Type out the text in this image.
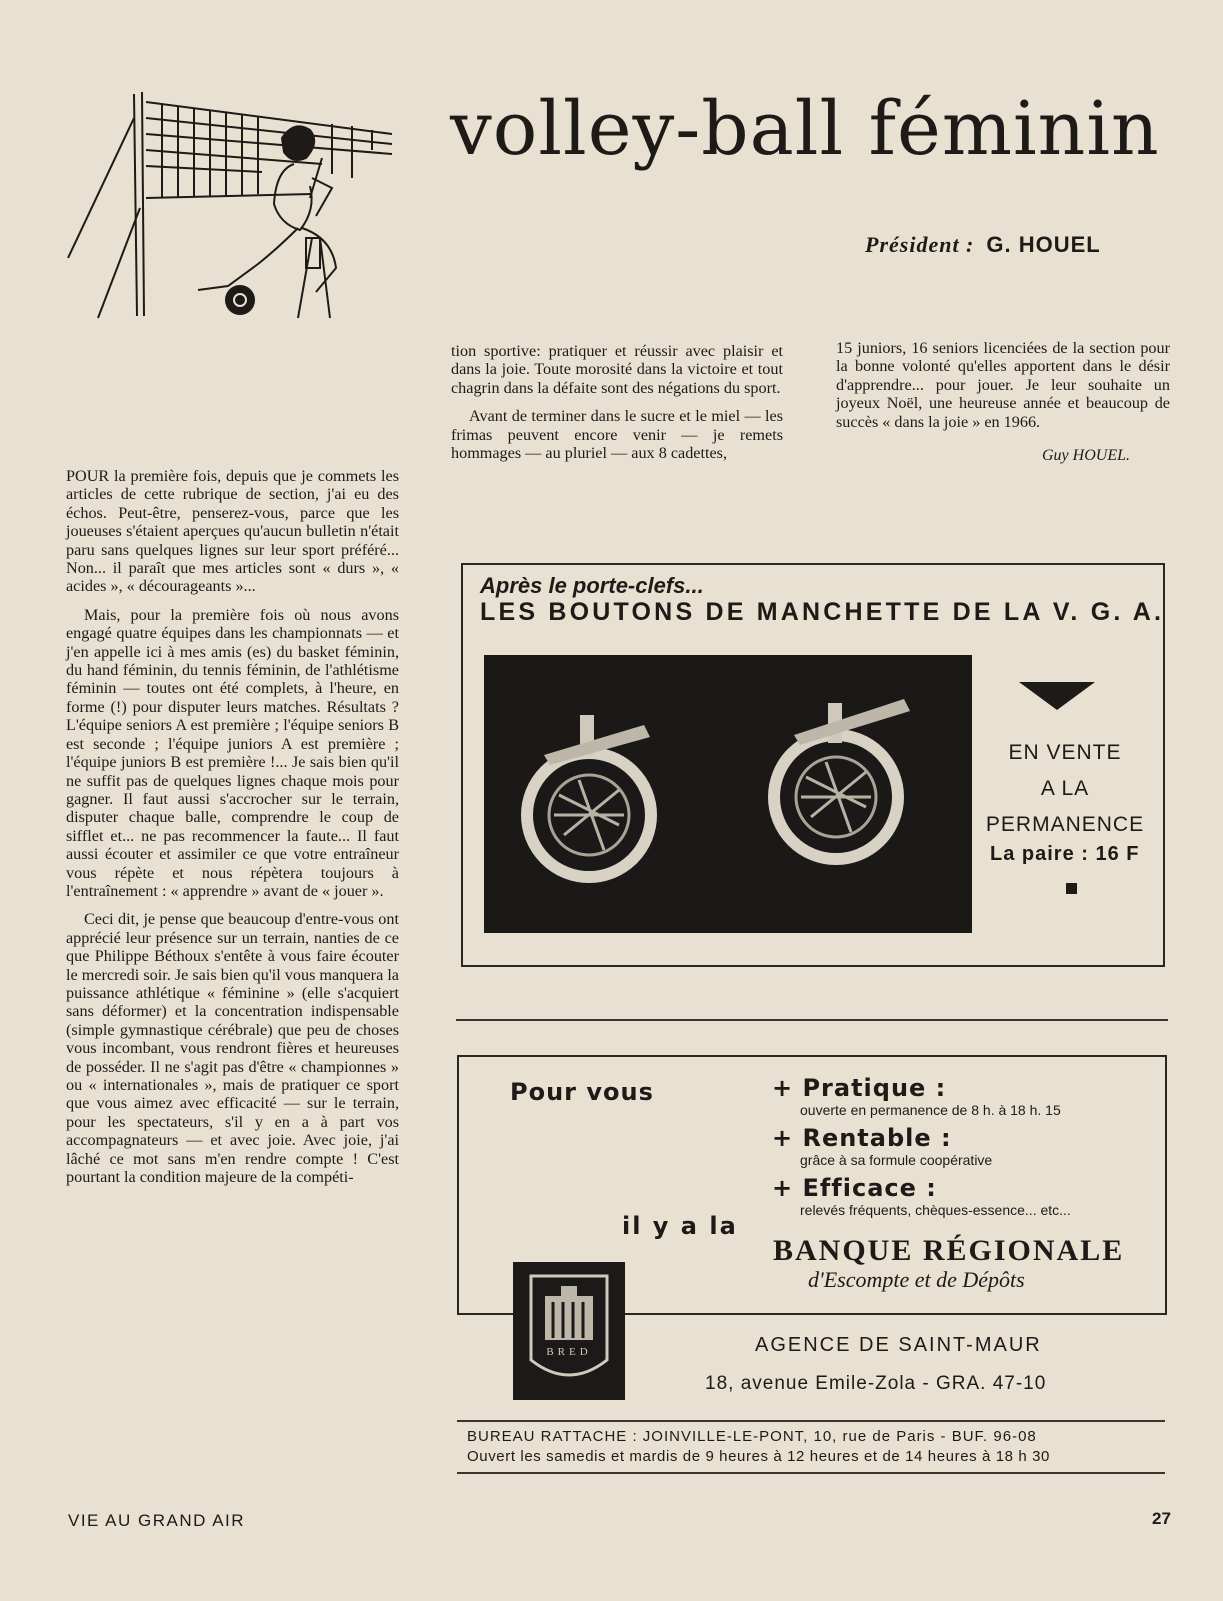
volley-ball féminin
Président : G. HOUEL

POUR la première fois, depuis que je commets les articles de cette rubrique de section, j'ai eu des échos. Peut-être, penserez-vous, parce que les joueuses s'étaient aperçues qu'aucun bulletin n'était paru sans quelques lignes sur leur sport préféré... Non... il paraît que mes articles sont « durs », « acides », « décourageants »...

Mais, pour la première fois où nous avons engagé quatre équipes dans les championnats — et j'en appelle ici à mes amis (es) du basket féminin, du hand féminin, du tennis féminin, de l'athlétisme féminin — toutes ont été complets, à l'heure, en forme (!) pour disputer leurs matches. Résultats ? L'équipe seniors A est première ; l'équipe seniors B est seconde ; l'équipe juniors A est première ; l'équipe juniors B est première !... Je sais bien qu'il ne suffit pas de quelques lignes chaque mois pour gagner. Il faut aussi s'accrocher sur le terrain, disputer chaque balle, comprendre le coup de sifflet et... ne pas recommencer la faute... Il faut aussi écouter et assimiler ce que votre entraîneur vous répète et nous répètera toujours à l'entraînement : « apprendre » avant de « jouer ».

Ceci dit, je pense que beaucoup d'entre-vous ont apprécié leur présence sur un terrain, nanties de ce que Philippe Béthoux s'entête à vous faire écouter le mercredi soir. Je sais bien qu'il vous manquera la puissance athlétique « féminine » (elle s'acquiert sans déformer) et la concentration indispensable (simple gymnastique cérébrale) que peu de choses vous incombant, vous rendront fières et heureuses de posséder. Il ne s'agit pas d'être « championnes » ou « internationales », mais de pratiquer ce sport que vous aimez avec efficacité — sur le terrain, pour les spectateurs, s'il y en a à part vos accompagnateurs — et avec joie. Avec joie, j'ai lâché ce mot sans m'en rendre compte ! C'est pourtant la condition majeure de la compéti-

tion sportive: pratiquer et réussir avec plaisir et dans la joie. Toute morosité dans la victoire et tout chagrin dans la défaite sont des négations du sport.

Avant de terminer dans le sucre et le miel — les frimas peuvent encore venir — je remets hommages — au pluriel — aux 8 cadettes,

15 juniors, 16 seniors licenciées de la section pour la bonne volonté qu'elles apportent dans le désir d'apprendre... pour jouer. Je leur souhaite un joyeux Noël, une heureuse année et beaucoup de succès « dans la joie » en 1966.

Guy HOUEL.
Après le porte-clefs...
LES BOUTONS DE MANCHETTE DE LA V. G. A.
EN VENTE
A LA
PERMANENCE
La paire : 16 F
Pour vous
il y a la
+ Pratique :
ouverte en permanence de 8 h. à 18 h. 15
+ Rentable :
grâce à sa formule coopérative
+ Efficace :
relevés fréquents, chèques-essence... etc...
BANQUE RÉGIONALE
d'Escompte et de Dépôts
BRED	AGENCE DE SAINT-MAUR
18, avenue Emile-Zola - GRA. 47-10
BUREAU RATTACHE : JOINVILLE-LE-PONT, 10, rue de Paris - BUF. 96-08
Ouvert les samedis et mardis de 9 heures à 12 heures et de 14 heures à 18 h 30
VIE AU GRAND AIR	27
